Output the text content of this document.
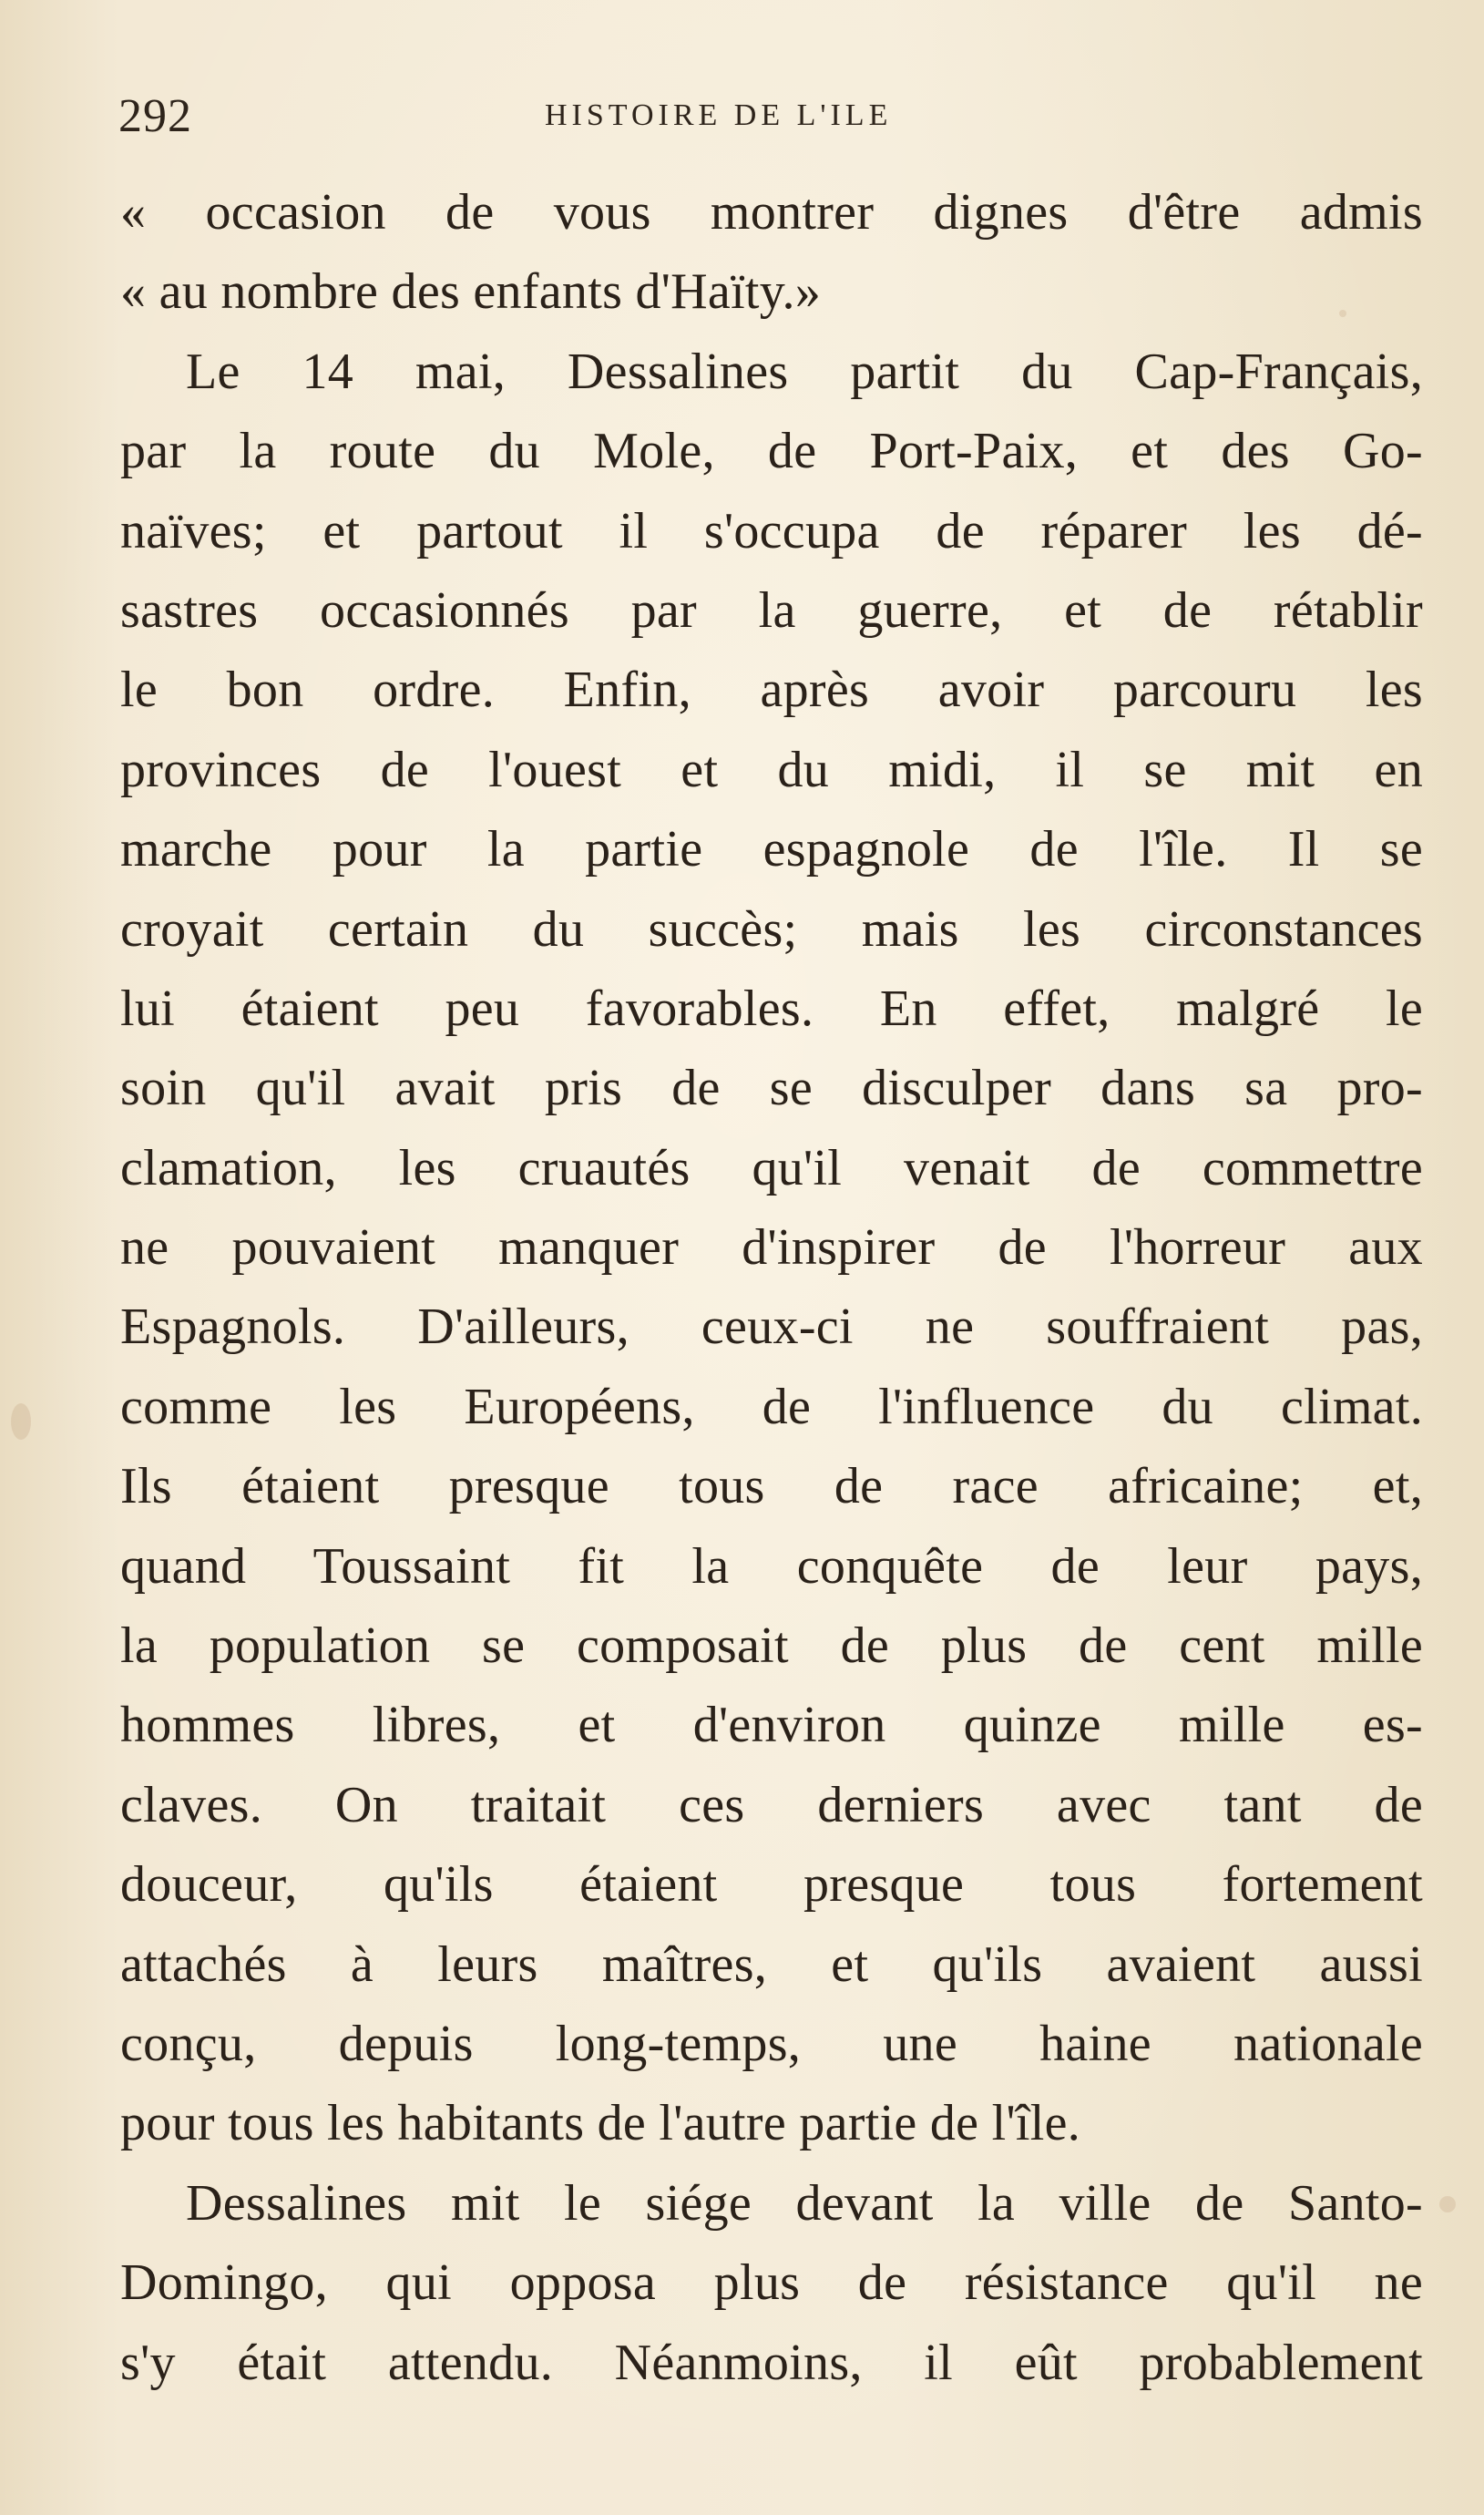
292	HISTOIRE DE L'ILE
« occasion de vous montrer dignes d'être admis
« au nombre des enfants d'Haïty.»
Le 14 mai, Dessalines partit du Cap-Français,
par la route du Mole, de Port-Paix, et des Go-
naïves; et partout il s'occupa de réparer les dé-
sastres occasionnés par la guerre, et de rétablir
le bon ordre. Enfin, après avoir parcouru les
provinces de l'ouest et du midi, il se mit en
marche pour la partie espagnole de l'île. Il se
croyait certain du succès; mais les circonstances
lui étaient peu favorables. En effet, malgré le
soin qu'il avait pris de se disculper dans sa pro-
clamation, les cruautés qu'il venait de commettre
ne pouvaient manquer d'inspirer de l'horreur aux
Espagnols. D'ailleurs, ceux-ci ne souffraient pas,
comme les Européens, de l'influence du climat.
Ils étaient presque tous de race africaine; et,
quand Toussaint fit la conquête de leur pays,
la population se composait de plus de cent mille
hommes libres, et d'environ quinze mille es-
claves. On traitait ces derniers avec tant de
douceur, qu'ils étaient presque tous fortement
attachés à leurs maîtres, et qu'ils avaient aussi
conçu, depuis long-temps, une haine nationale
pour tous les habitants de l'autre partie de l'île.
Dessalines mit le siége devant la ville de Santo-
Domingo, qui opposa plus de résistance qu'il ne
s'y était attendu. Néanmoins, il eût probablement
